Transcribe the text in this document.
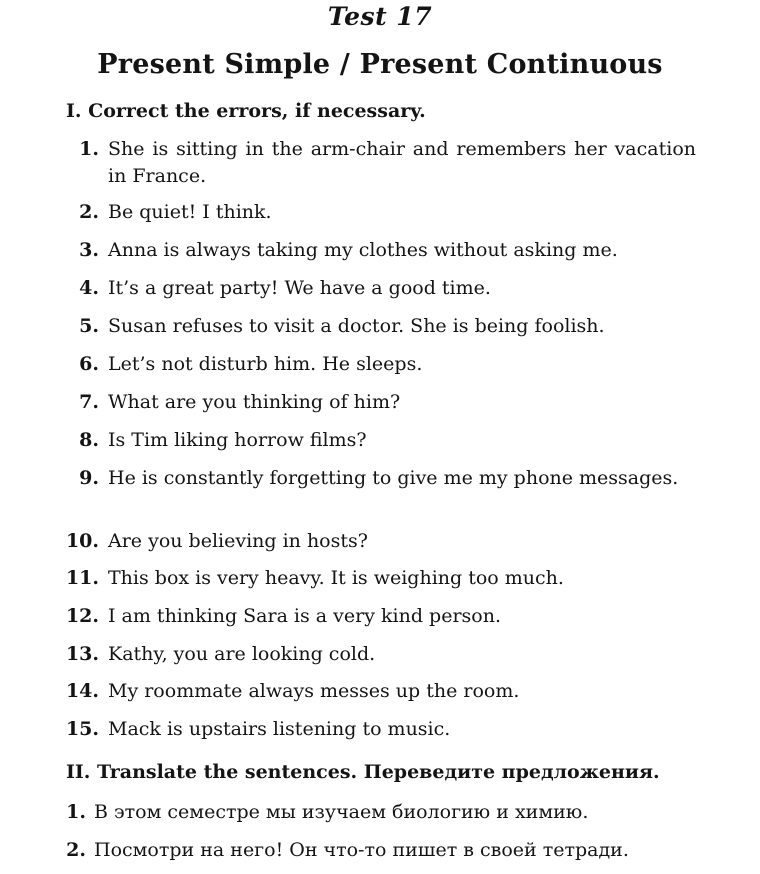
Test 17
Present Simple / Present Continuous
I. Correct the errors, if necessary.
1. She is sitting in the arm-chair and remembers her vacation in France.
2. Be quiet! I think.
3. Anna is always taking my clothes without asking me.
4. It’s a great party! We have a good time.
5. Susan refuses to visit a doctor. She is being foolish.
6. Let’s not disturb him. He sleeps.
7. What are you thinking of him?
8. Is Tim liking horrow films?
9. He is constantly forgetting to give me my phone messages.
10. Are you believing in hosts?
11. This box is very heavy. It is weighing too much.
12. I am thinking Sara is a very kind person.
13. Kathy, you are looking cold.
14. My roommate always messes up the room.
15. Mack is upstairs listening to music.
II. Translate the sentences. Переведите предложения.
1. В этом семестре мы изучаем биологию и химию.
2. Посмотри на него! Он что-то пишет в своей тетради.
